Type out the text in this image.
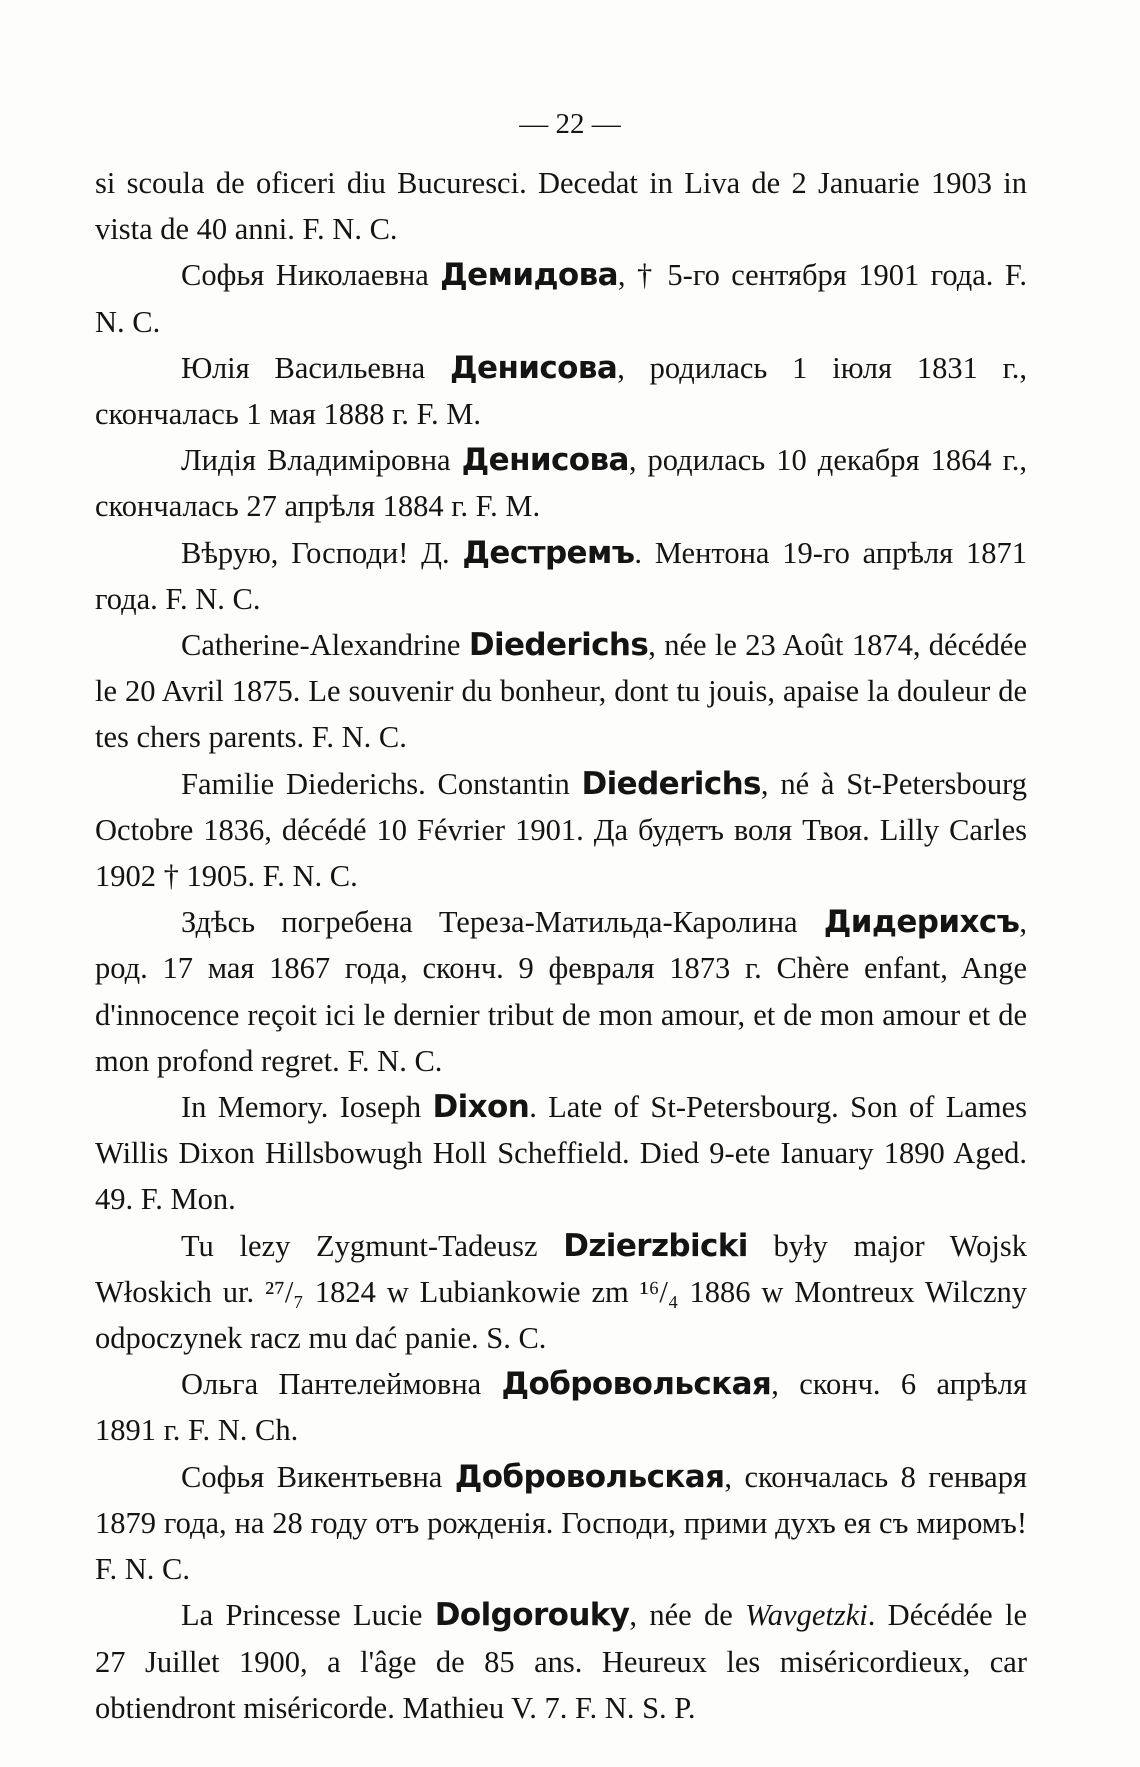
— 22 —

si scoula de oficeri diu Bucuresci. Decedat in Liva de 2 Januarie 1903 in vista de 40 anni. F. N. C.

Софья Николаевна Демидова, † 5-го сентября 1901 года. F. N. C.

Юлія Васильевна Денисова, родилась 1 іюля 1831 г., скончалась 1 мая 1888 г. F. M.

Лидія Владиміровна Денисова, родилась 10 декабря 1864 г., скончалась 27 апрѣля 1884 г. F. M.

Вѣрую, Господи! Д. Дестремъ. Ментона 19-го апрѣля 1871 года. F. N. C.

Catherine-Alexandrine Diederichs, née le 23 Août 1874, décédée le 20 Avril 1875. Le souvenir du bonheur, dont tu jouis, apaise la douleur de tes chers parents. F. N. C.

Familie Diederichs. Constantin Diederichs, né à St-Petersbourg Octobre 1836, décédé 10 Février 1901. Да будетъ воля Твоя. Lilly Carles 1902 † 1905. F. N. C.

Здѣсь погребена Тереза-Матильда-Каролина Дидерихсъ, род. 17 мая 1867 года, сконч. 9 февраля 1873 г. Chère enfant, Ange d'innocence reçoit ici le dernier tribut de mon amour, et de mon amour et de mon profond regret. F. N. C.

In Memory. Ioseph Dixon. Late of St-Petersbourg. Son of Lames Willis Dixon Hillsbowugh Holl Scheffield. Died 9-ete Ianuary 1890 Aged. 49. F. Mon.

Tu lezy Zygmunt-Tadeusz Dzierzbicki były major Wojsk Włoskich ur. ²⁷/₇ 1824 w Lubiankowie zm ¹⁶/₄ 1886 w Montreux Wilczny odpoczynek racz mu dać panie. S. C.

Ольга Пантелеймовна Добровольская, сконч. 6 апрѣля 1891 г. F. N. Ch.

Софья Викентьевна Добровольская, скончалась 8 генваря 1879 года, на 28 году отъ рожденія. Господи, прими духъ ея съ миромъ! F. N. C.

La Princesse Lucie Dolgorouky, née de Wavgetzki. Décédée le 27 Juillet 1900, a l'âge de 85 ans. Heureux les miséricordieux, car obtiendront miséricorde. Mathieu V. 7. F. N. S. P.
